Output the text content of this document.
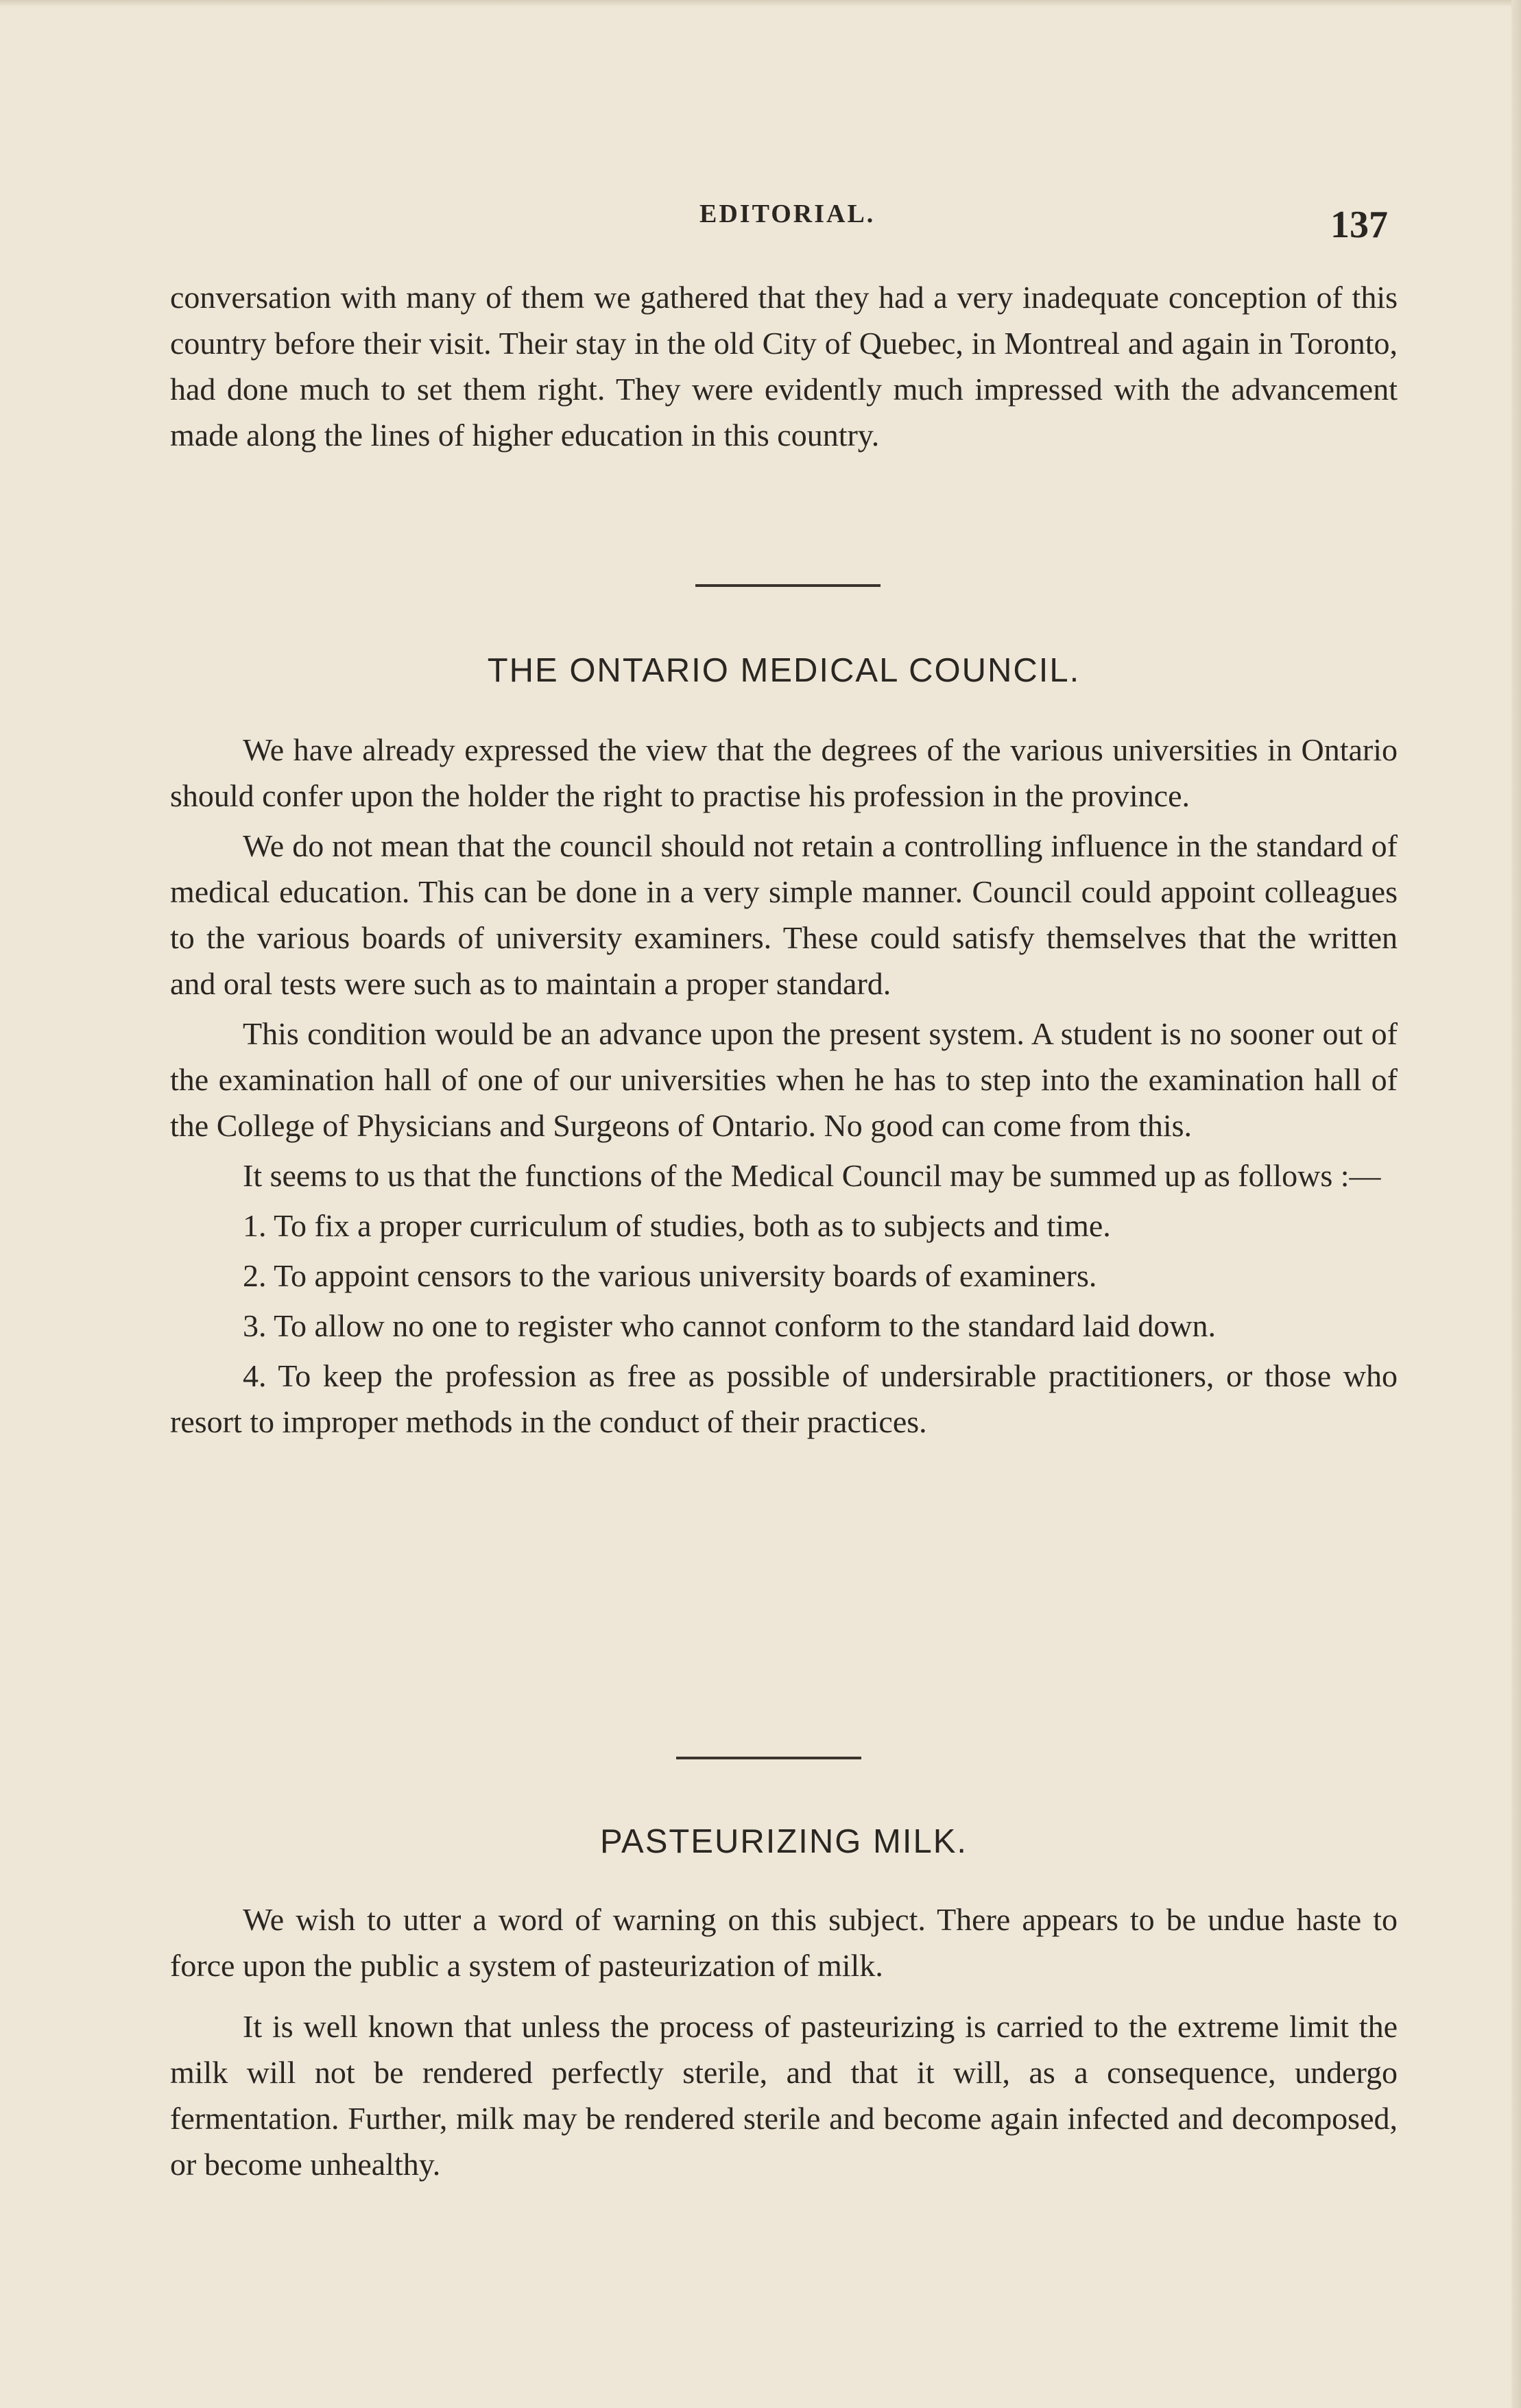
EDITORIAL.	137

conversation with many of them we gathered that they had a very inadequate conception of this country before their visit. Their stay in the old City of Quebec, in Montreal and again in Toronto, had done much to set them right. They were evidently much impressed with the advancement made along the lines of higher education in this country.

THE ONTARIO MEDICAL COUNCIL.

We have already expressed the view that the degrees of the various universities in Ontario should confer upon the holder the right to practise his profession in the province.

We do not mean that the council should not retain a controlling influence in the standard of medical education. This can be done in a very simple manner. Council could appoint colleagues to the various boards of university examiners. These could satisfy themselves that the written and oral tests were such as to maintain a proper standard.

This condition would be an advance upon the present system. A student is no sooner out of the examination hall of one of our universities when he has to step into the examination hall of the College of Physicians and Surgeons of Ontario. No good can come from this.

It seems to us that the functions of the Medical Council may be summed up as follows :—

1. To fix a proper curriculum of studies, both as to subjects and time.

2. To appoint censors to the various university boards of examiners.

3. To allow no one to register who cannot conform to the standard laid down.

4. To keep the profession as free as possible of undersirable practitioners, or those who resort to improper methods in the conduct of their practices.

PASTEURIZING MILK.

We wish to utter a word of warning on this subject. There appears to be undue haste to force upon the public a system of pasteurization of milk.

It is well known that unless the process of pasteurizing is carried to the extreme limit the milk will not be rendered perfectly sterile, and that it will, as a consequence, undergo fermentation. Further, milk may be rendered sterile and become again infected and decomposed, or become unhealthy.
